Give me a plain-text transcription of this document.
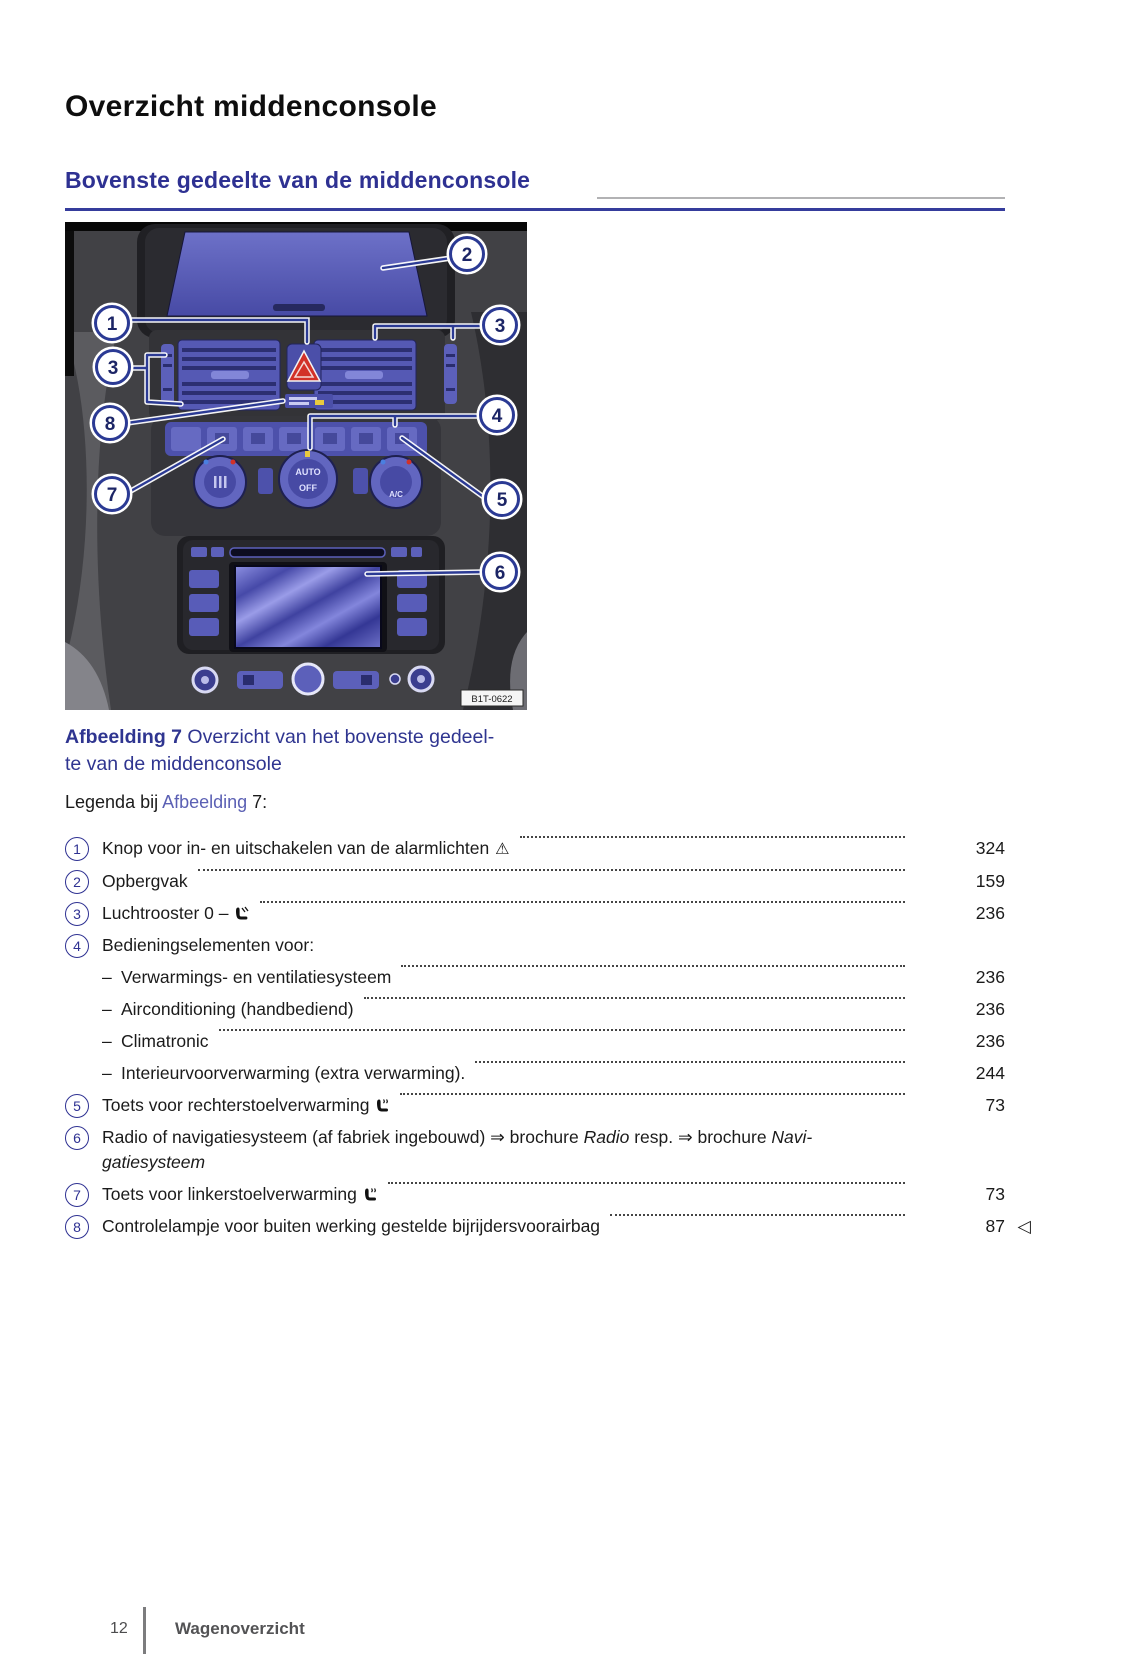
Overzicht middenconsole
Bovenste gedeelte van de middenconsole
AUTO
OFF
A/C
B1T-0622
1
2
3
3
8	4
7	5
6
Afbeelding 7 Overzicht van het bovenste gedeel-
te van de middenconsole
Legenda bij Afbeelding 7:
1	Knop voor in- en uitschakelen van de alarmlichten ⚠	324
2	Opbergvak	159
3	Luchtrooster 0 –	236
4	Bedieningselementen voor:
– Verwarmings- en ventilatiesysteem	236
– Airconditioning (handbediend)	236
– Climatronic	236
– Interieurvoorverwarming (extra verwarming).	244
5	Toets voor rechterstoelverwarming	73
6	Radio of navigatiesysteem (af fabriek ingebouwd) ⇒ brochure Radio resp. ⇒ brochure Navi-
gatiesysteem
7	Toets voor linkerstoelverwarming	73
8	Controlelampje voor buiten werking gestelde bijrijdersvoorairbag	87 ◁
12	Wagenoverzicht
